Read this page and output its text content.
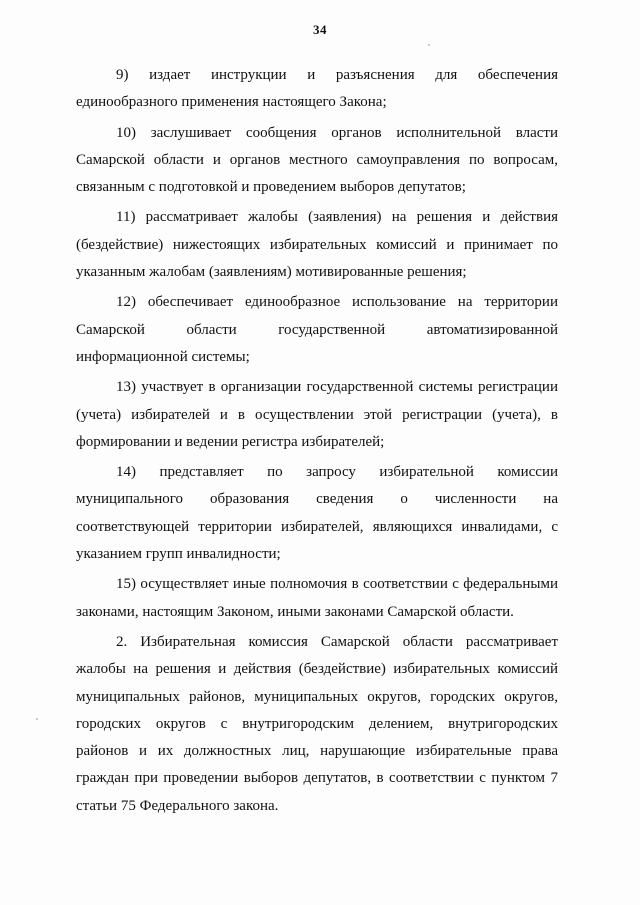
34

9) издает инструкции и разъяснения для обеспечения единообразного применения настоящего Закона;

10) заслушивает сообщения органов исполнительной власти Самарской области и органов местного самоуправления по вопросам, связанным с подготовкой и проведением выборов депутатов;

11) рассматривает жалобы (заявления) на решения и действия (бездействие) нижестоящих избирательных комиссий и принимает по указанным жалобам (заявлениям) мотивированные решения;

12) обеспечивает единообразное использование на территории Самарской области государственной автоматизированной информационной системы;

13) участвует в организации государственной системы регистрации (учета) избирателей и в осуществлении этой регистрации (учета), в формировании и ведении регистра избирателей;

14) представляет по запросу избирательной комиссии муниципального образования сведения о численности на соответствующей территории избирателей, являющихся инвалидами, с указанием групп инвалидности;

15) осуществляет иные полномочия в соответствии с федеральными законами, настоящим Законом, иными законами Самарской области.

2. Избирательная комиссия Самарской области рассматривает жалобы на решения и действия (бездействие) избирательных комиссий муниципальных районов, муниципальных округов, городских округов, городских округов с внутригородским делением, внутригородских районов и их должностных лиц, нарушающие избирательные права граждан при проведении выборов депутатов, в соответствии с пунктом 7 статьи 75 Федерального закона.
